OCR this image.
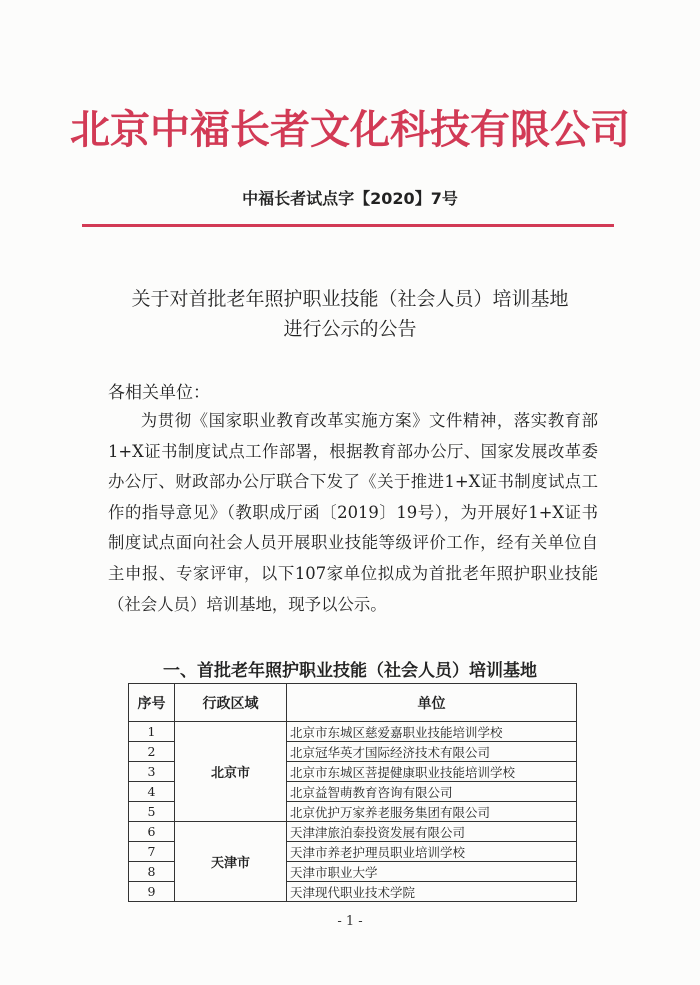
北京中福长者文化科技有限公司
中福长者试点字【2020】7号
关于对首批老年照护职业技能（社会人员）培训基地
进行公示的公告
各相关单位：

为贯彻《国家职业教育改革实施方案》文件精神，落实教育部1+X证书制度试点工作部署，根据教育部办公厅、国家发展改革委办公厅、财政部办公厅联合下发了《关于推进1+X证书制度试点工作的指导意见》（教职成厅函〔2019〕19号），为开展好1+X证书制度试点面向社会人员开展职业技能等级评价工作，经有关单位自主申报、专家评审，以下107家单位拟成为首批老年照护职业技能（社会人员）培训基地，现予以公示。

一、首批老年照护职业技能（社会人员）培训基地
序号	行政区域	单位
1	北京市	北京市东城区慈爱嘉职业技能培训学校
2		北京冠华英才国际经济技术有限公司
3		北京市东城区菩提健康职业技能培训学校
4		北京益智萌教育咨询有限公司
5		北京优护万家养老服务集团有限公司
6	天津市	天津津旅泊泰投资发展有限公司
7		天津市养老护理员职业培训学校
8		天津市职业大学
9		天津现代职业技术学院
- 1 -
